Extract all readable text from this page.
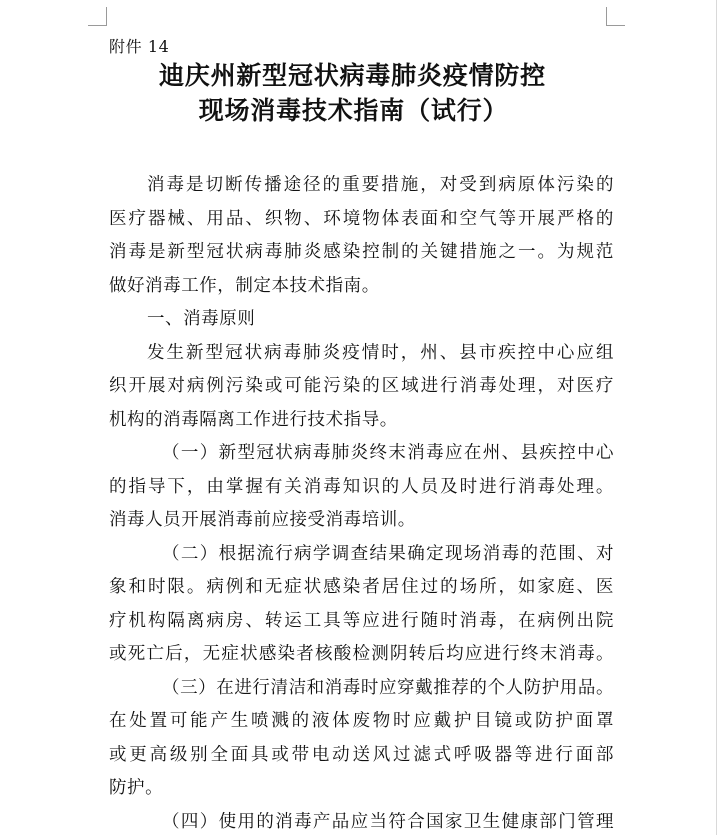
附件 14
迪庆州新型冠状病毒肺炎疫情防控
现场消毒技术指南（试行）
消毒是切断传播途径的重要措施，对受到病原体污染的
医疗器械、用品、织物、环境物体表面和空气等开展严格的
消毒是新型冠状病毒肺炎感染控制的关键措施之一。为规范
做好消毒工作，制定本技术指南。
一、消毒原则
发生新型冠状病毒肺炎疫情时，州、县市疾控中心应组
织开展对病例污染或可能污染的区域进行消毒处理，对医疗
机构的消毒隔离工作进行技术指导。
（一）新型冠状病毒肺炎终末消毒应在州、县疾控中心
的指导下，由掌握有关消毒知识的人员及时进行消毒处理。
消毒人员开展消毒前应接受消毒培训。
（二）根据流行病学调查结果确定现场消毒的范围、对
象和时限。病例和无症状感染者居住过的场所，如家庭、医
疗机构隔离病房、转运工具等应进行随时消毒，在病例出院
或死亡后，无症状感染者核酸检测阴转后均应进行终末消毒。
（三）在进行清洁和消毒时应穿戴推荐的个人防护用品。
在处置可能产生喷溅的液体废物时应戴护目镜或防护面罩
或更高级别全面具或带电动送风过滤式呼吸器等进行面部
防护。
（四）使用的消毒产品应当符合国家卫生健康部门管理
